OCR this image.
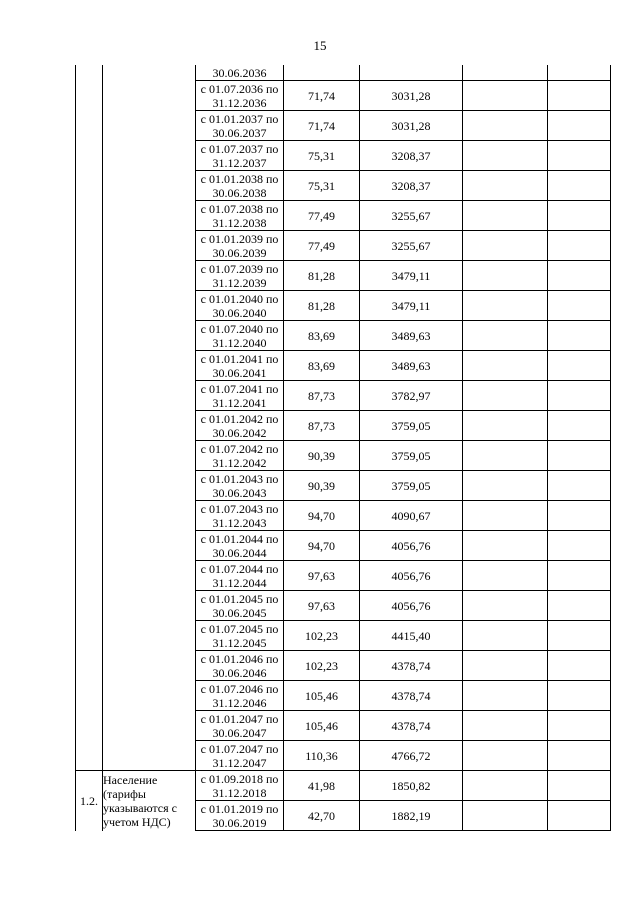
15
		30.06.2036				
		с 01.07.2036 по 31.12.2036	71,74	3031,28		
		с 01.01.2037 по 30.06.2037	71,74	3031,28		
		с 01.07.2037 по 31.12.2037	75,31	3208,37		
		с 01.01.2038 по 30.06.2038	75,31	3208,37		
		с 01.07.2038 по 31.12.2038	77,49	3255,67		
		с 01.01.2039 по 30.06.2039	77,49	3255,67		
		с 01.07.2039 по 31.12.2039	81,28	3479,11		
		с 01.01.2040 по 30.06.2040	81,28	3479,11		
		с 01.07.2040 по 31.12.2040	83,69	3489,63		
		с 01.01.2041 по 30.06.2041	83,69	3489,63		
		с 01.07.2041 по 31.12.2041	87,73	3782,97		
		с 01.01.2042 по 30.06.2042	87,73	3759,05		
		с 01.07.2042 по 31.12.2042	90,39	3759,05		
		с 01.01.2043 по 30.06.2043	90,39	3759,05		
		с 01.07.2043 по 31.12.2043	94,70	4090,67		
		с 01.01.2044 по 30.06.2044	94,70	4056,76		
		с 01.07.2044 по 31.12.2044	97,63	4056,76		
		с 01.01.2045 по 30.06.2045	97,63	4056,76		
		с 01.07.2045 по 31.12.2045	102,23	4415,40		
		с 01.01.2046 по 30.06.2046	102,23	4378,74		
		с 01.07.2046 по 31.12.2046	105,46	4378,74		
		с 01.01.2047 по 30.06.2047	105,46	4378,74		
		с 01.07.2047 по 31.12.2047	110,36	4766,72		
1.2.	Население (тарифы указываются с учетом НДС)	с 01.09.2018 по 31.12.2018	41,98	1850,82		
		с 01.01.2019 по 30.06.2019	42,70	1882,19		
